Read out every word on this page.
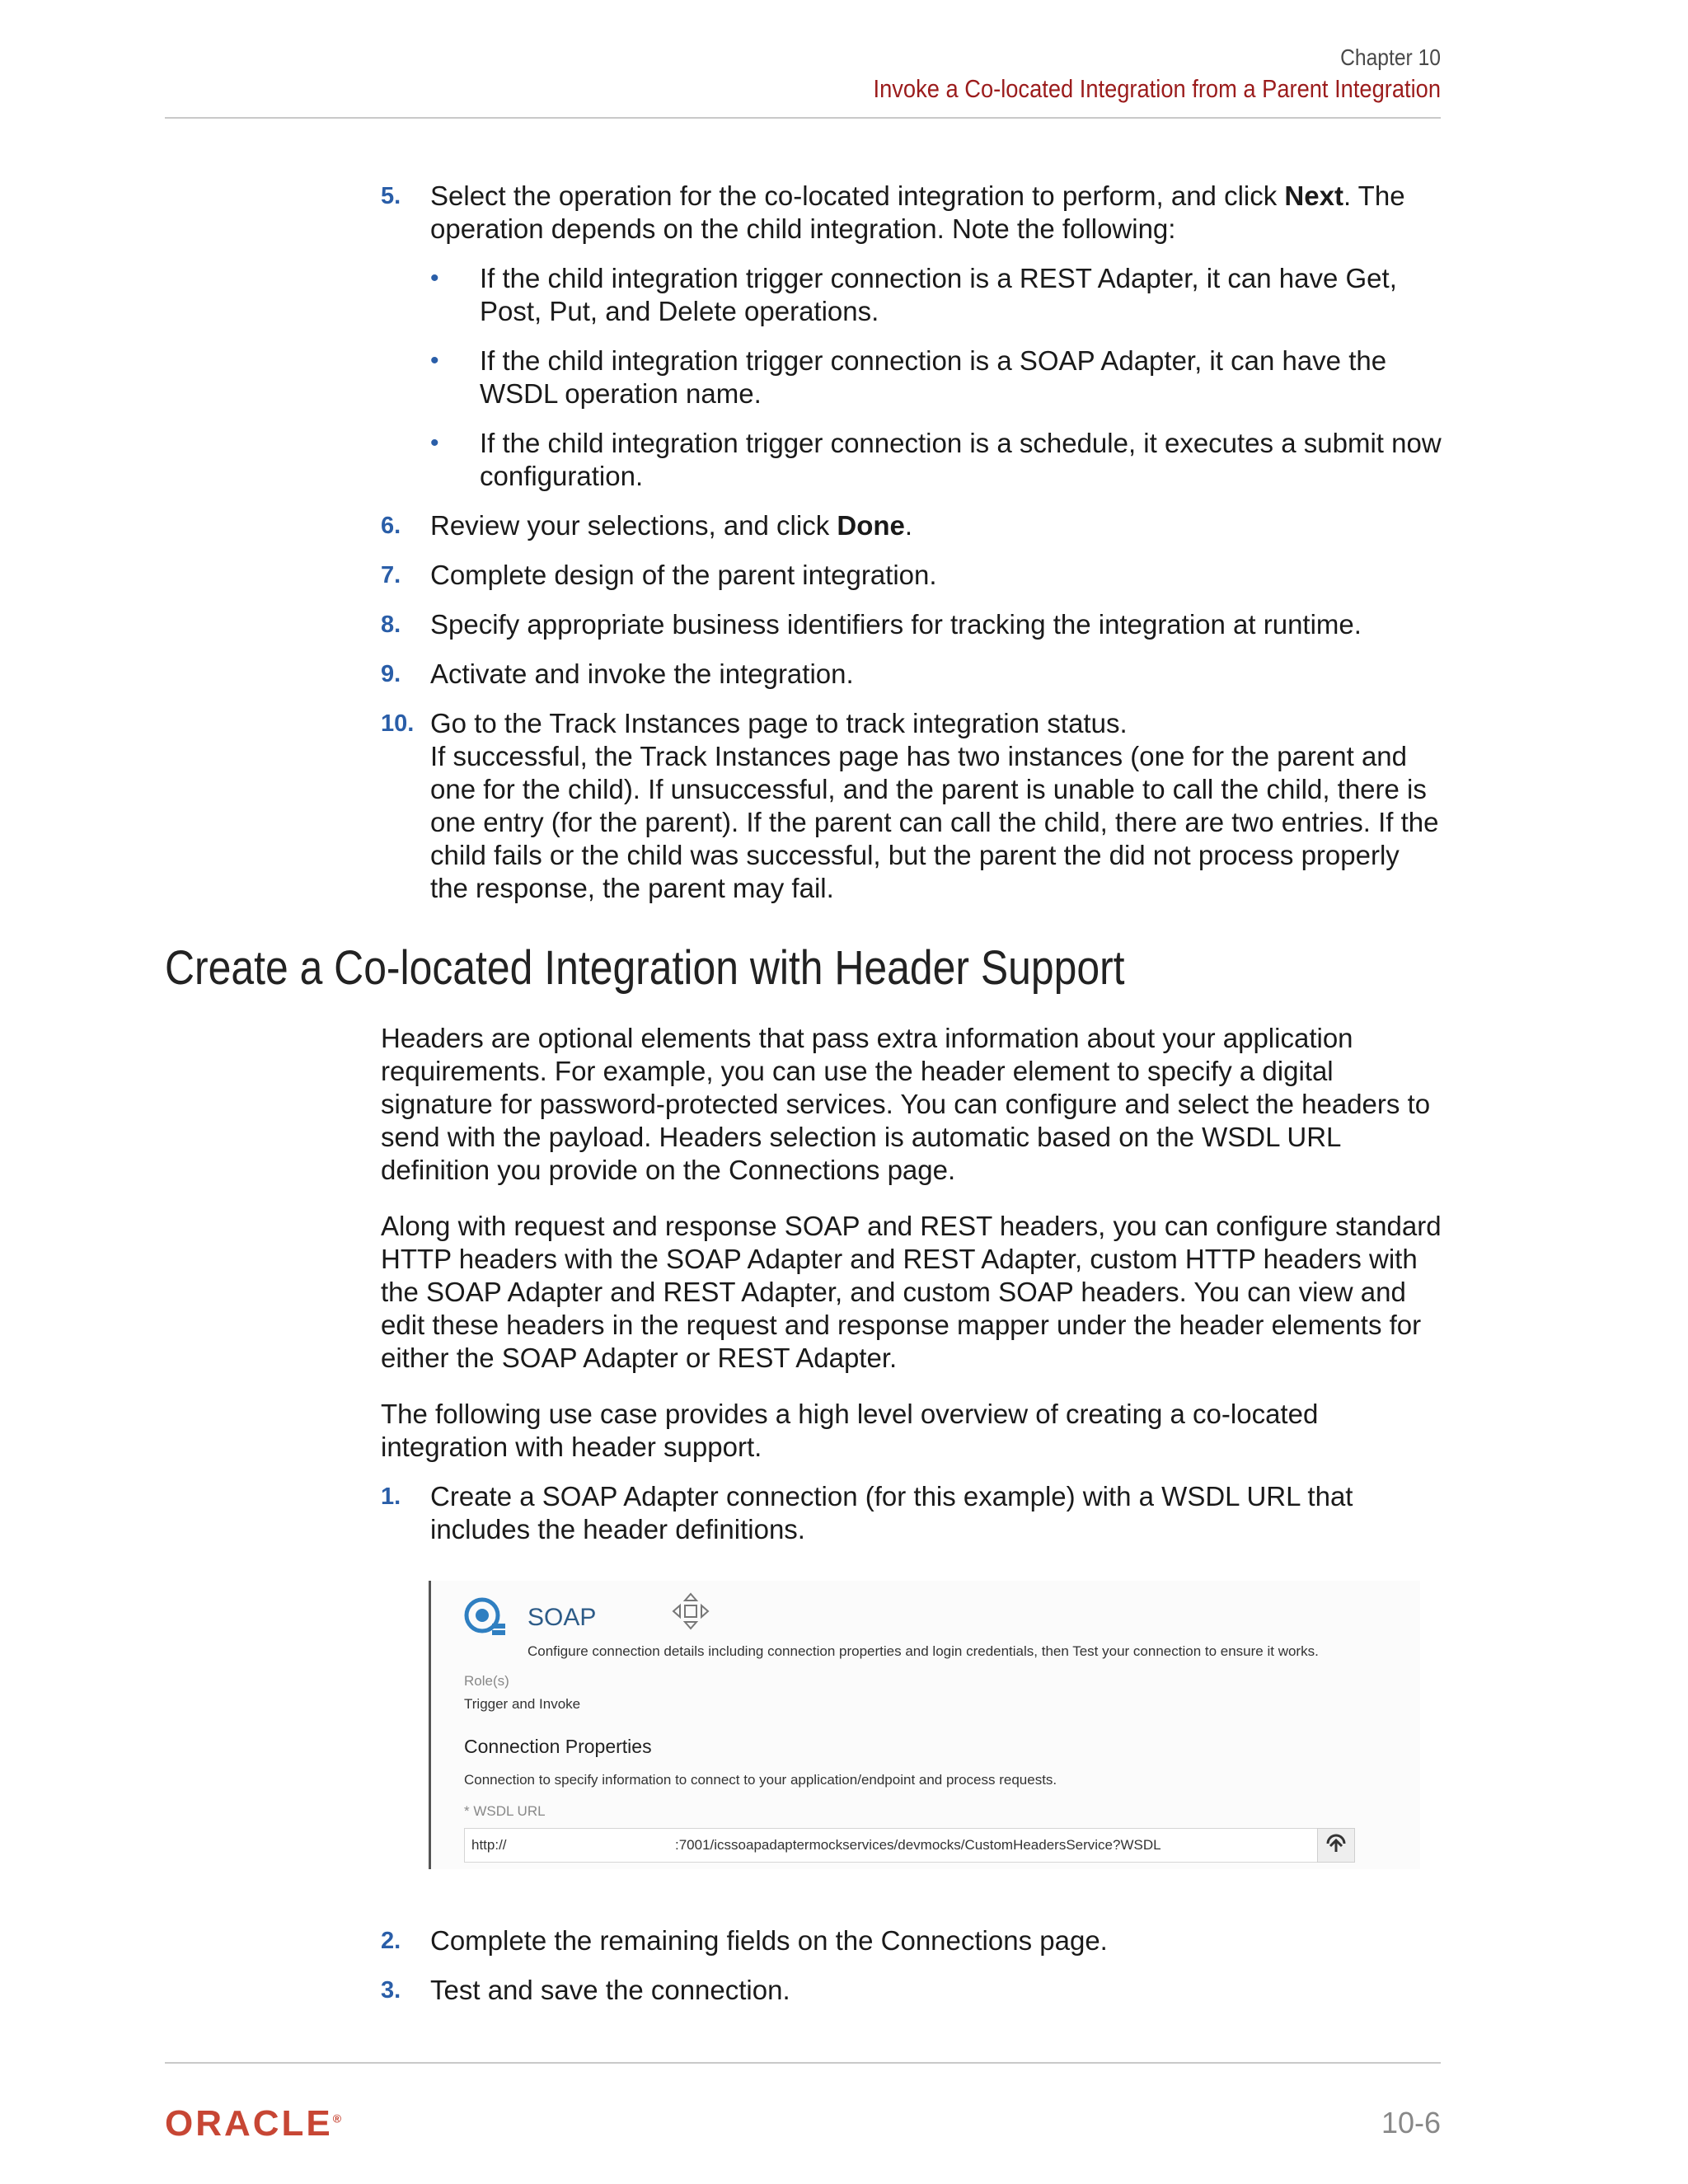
Chapter 10
Invoke a Co-located Integration from a Parent Integration
5. Select the operation for the co-located integration to perform, and click Next. The operation depends on the child integration. Note the following:
• If the child integration trigger connection is a REST Adapter, it can have Get, Post, Put, and Delete operations.
• If the child integration trigger connection is a SOAP Adapter, it can have the WSDL operation name.
• If the child integration trigger connection is a schedule, it executes a submit now configuration.
6. Review your selections, and click Done.
7. Complete design of the parent integration.
8. Specify appropriate business identifiers for tracking the integration at runtime.
9. Activate and invoke the integration.
10. Go to the Track Instances page to track integration status.
If successful, the Track Instances page has two instances (one for the parent and one for the child). If unsuccessful, and the parent is unable to call the child, there is one entry (for the parent). If the parent can call the child, there are two entries. If the child fails or the child was successful, but the parent the did not process properly the response, the parent may fail.
Create a Co-located Integration with Header Support
Headers are optional elements that pass extra information about your application requirements. For example, you can use the header element to specify a digital signature for password-protected services. You can configure and select the headers to send with the payload. Headers selection is automatic based on the WSDL URL definition you provide on the Connections page.
Along with request and response SOAP and REST headers, you can configure standard HTTP headers with the SOAP Adapter and REST Adapter, custom HTTP headers with the SOAP Adapter and REST Adapter, and custom SOAP headers. You can view and edit these headers in the request and response mapper under the header elements for either the SOAP Adapter or REST Adapter.
The following use case provides a high level overview of creating a co-located integration with header support.
1. Create a SOAP Adapter connection (for this example) with a WSDL URL that includes the header definitions.
SOAP
Configure connection details including connection properties and login credentials, then Test your connection to ensure it works.
Role(s)
Trigger and Invoke
Connection Properties
Connection to specify information to connect to your application/endpoint and process requests.
* WSDL URL
http://	:7001/icssoapadaptermockservices/devmocks/CustomHeadersService?WSDL
2. Complete the remaining fields on the Connections page.
3. Test and save the connection.
ORACLE®	10-6
